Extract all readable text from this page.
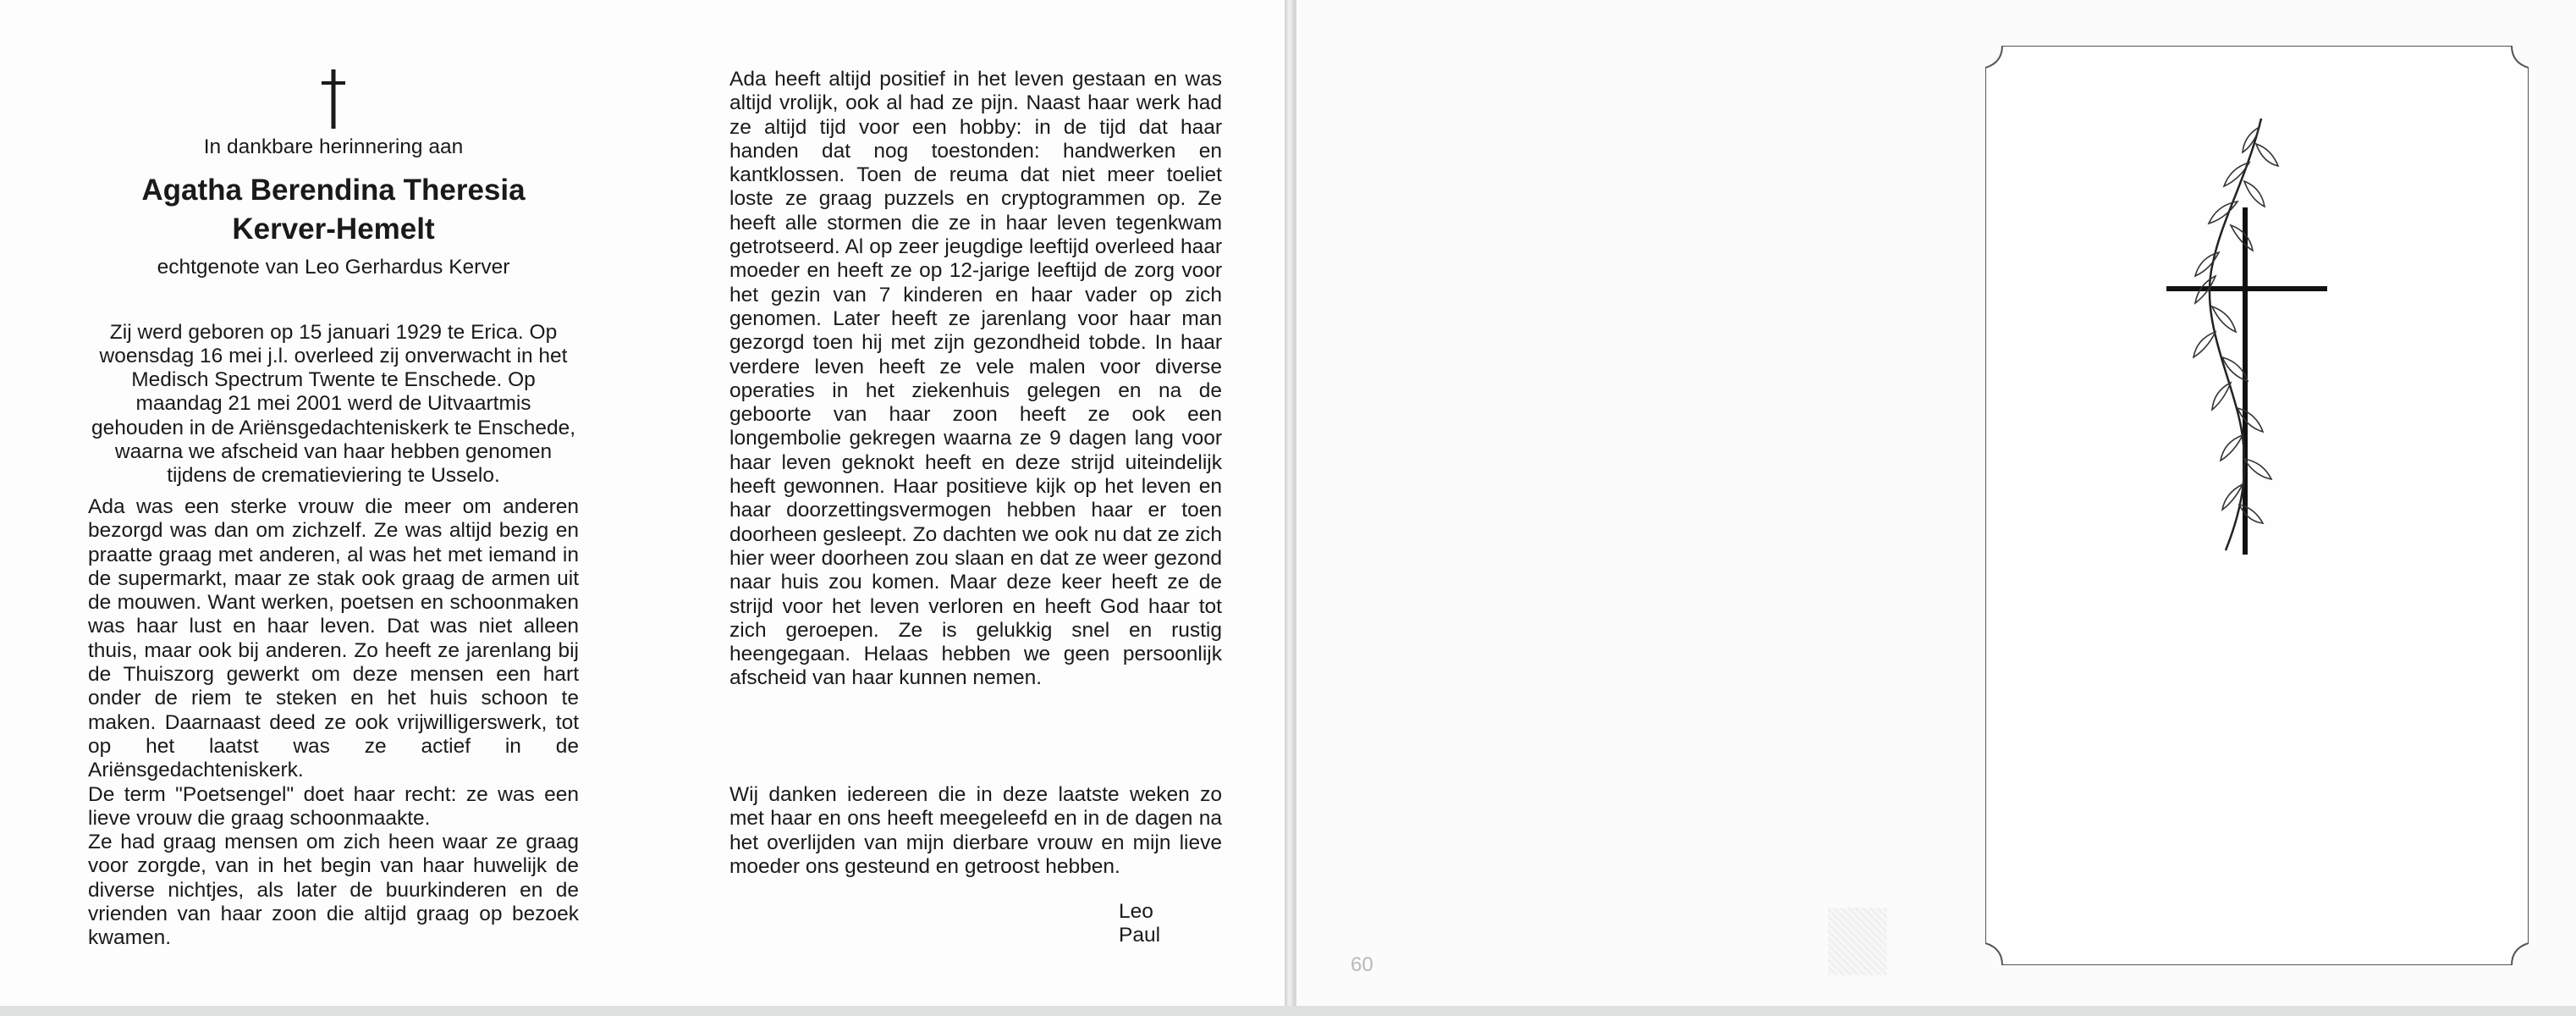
In dankbare herinnering aan
Agatha Berendina Theresia
Kerver-Hemelt
echtgenote van Leo Gerhardus Kerver

Zij werd geboren op 15 januari 1929 te Erica. Op woensdag 16 mei j.l. overleed zij onverwacht in het Medisch Spectrum Twente te Enschede. Op maandag 21 mei 2001 werd de Uitvaartmis gehouden in de Ariënsgedachteniskerk te Enschede, waarna we afscheid van haar hebben genomen tijdens de crematieviering te Usselo.

Ada was een sterke vrouw die meer om anderen bezorgd was dan om zichzelf. Ze was altijd bezig en praatte graag met anderen, al was het met iemand in de supermarkt, maar ze stak ook graag de armen uit de mouwen. Want werken, poetsen en schoonmaken was haar lust en haar leven. Dat was niet alleen thuis, maar ook bij anderen. Zo heeft ze jarenlang bij de Thuiszorg gewerkt om deze mensen een hart onder de riem te steken en het huis schoon te maken. Daarnaast deed ze ook vrijwilligerswerk, tot op het laatst was ze actief in de Ariënsgedachteniskerk.

De term "Poetsengel" doet haar recht: ze was een lieve vrouw die graag schoonmaakte.

Ze had graag mensen om zich heen waar ze graag voor zorgde, van in het begin van haar huwelijk de diverse nichtjes, als later de buurkinderen en de vrienden van haar zoon die altijd graag op bezoek kwamen.

Ada heeft altijd positief in het leven gestaan en was altijd vrolijk, ook al had ze pijn. Naast haar werk had ze altijd tijd voor een hobby: in de tijd dat haar handen dat nog toestonden: handwerken en kantklossen. Toen de reuma dat niet meer toeliet loste ze graag puzzels en cryptogrammen op. Ze heeft alle stormen die ze in haar leven tegenkwam getrotseerd. Al op zeer jeugdige leeftijd overleed haar moeder en heeft ze op 12-jarige leeftijd de zorg voor het gezin van 7 kinderen en haar vader op zich genomen. Later heeft ze jarenlang voor haar man gezorgd toen hij met zijn gezondheid tobde. In haar verdere leven heeft ze vele malen voor diverse operaties in het ziekenhuis gelegen en na de geboorte van haar zoon heeft ze ook een longembolie gekregen waarna ze 9 dagen lang voor haar leven geknokt heeft en deze strijd uiteindelijk heeft gewonnen. Haar positieve kijk op het leven en haar doorzettingsvermogen hebben haar er toen doorheen gesleept. Zo dachten we ook nu dat ze zich hier weer doorheen zou slaan en dat ze weer gezond naar huis zou komen. Maar deze keer heeft ze de strijd voor het leven verloren en heeft God haar tot zich geroepen. Ze is gelukkig snel en rustig heengegaan. Helaas hebben we geen persoonlijk afscheid van haar kunnen nemen.

Wij danken iedereen die in deze laatste weken zo met haar en ons heeft meegeleefd en in de dagen na het overlijden van mijn dierbare vrouw en mijn lieve moeder ons gesteund en getroost hebben.

Leo
Paul
60
